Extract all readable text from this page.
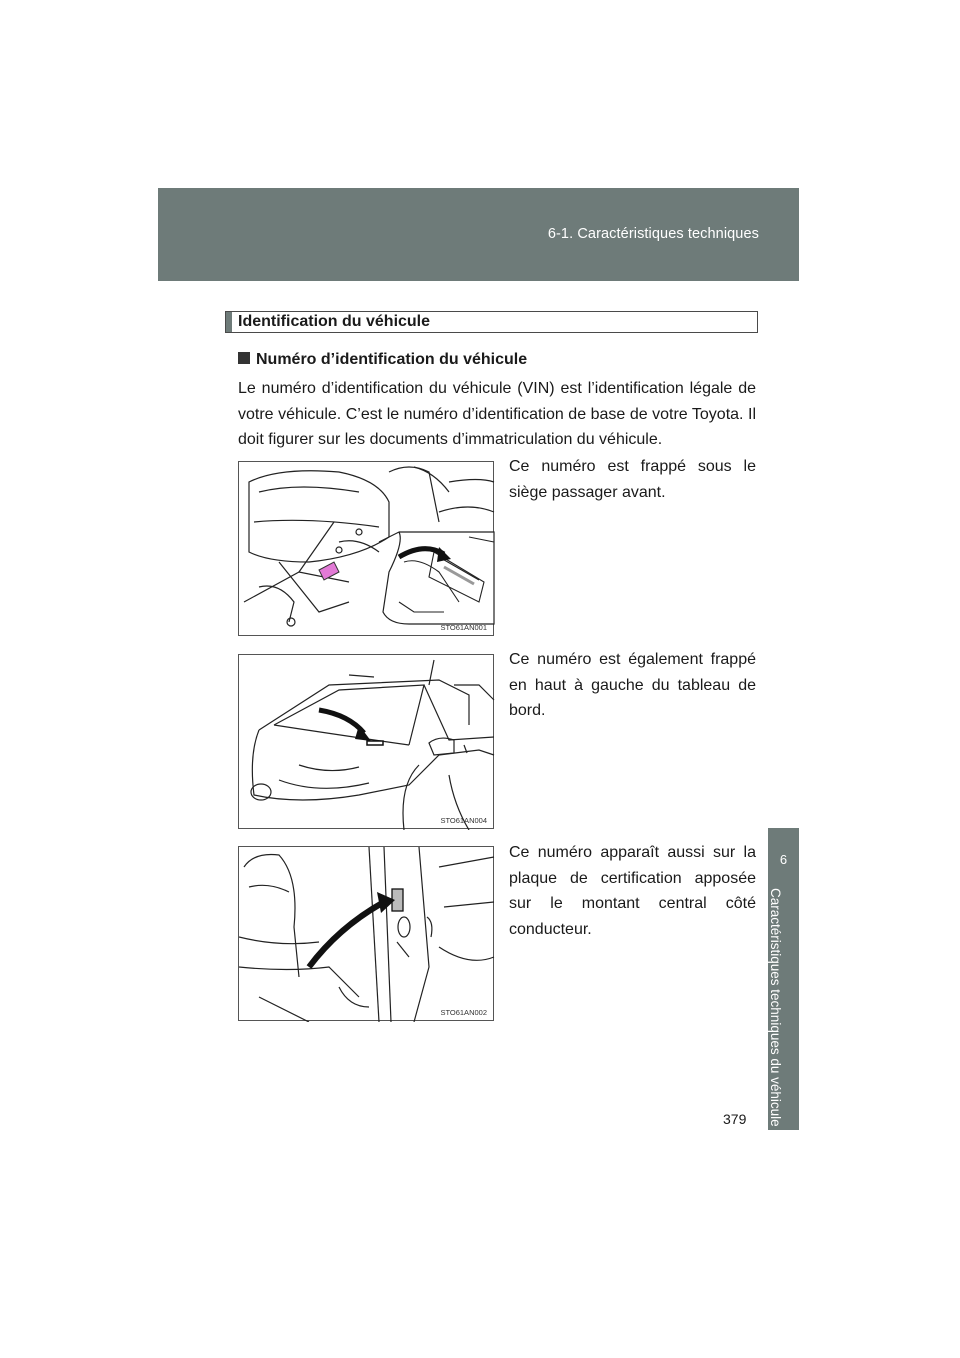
6-1. Caractéristiques techniques
6
Caractéristiques techniques du véhicule
379
Identification du véhicule
Numéro d’identification du véhicule
Le numéro d’identification du véhicule (VIN) est l’identification légale de votre véhicule. C’est le numéro d’identification de base de votre Toyota. Il doit figurer sur les documents d’immatriculation du véhicule.
STO61AN001
Ce numéro est frappé sous le siège passager avant.
STO61AN004
Ce numéro est également frappé en haut à gauche du tableau de bord.
STO61AN002
Ce numéro apparaît aussi sur la plaque de certification apposée sur le montant central côté conducteur.
